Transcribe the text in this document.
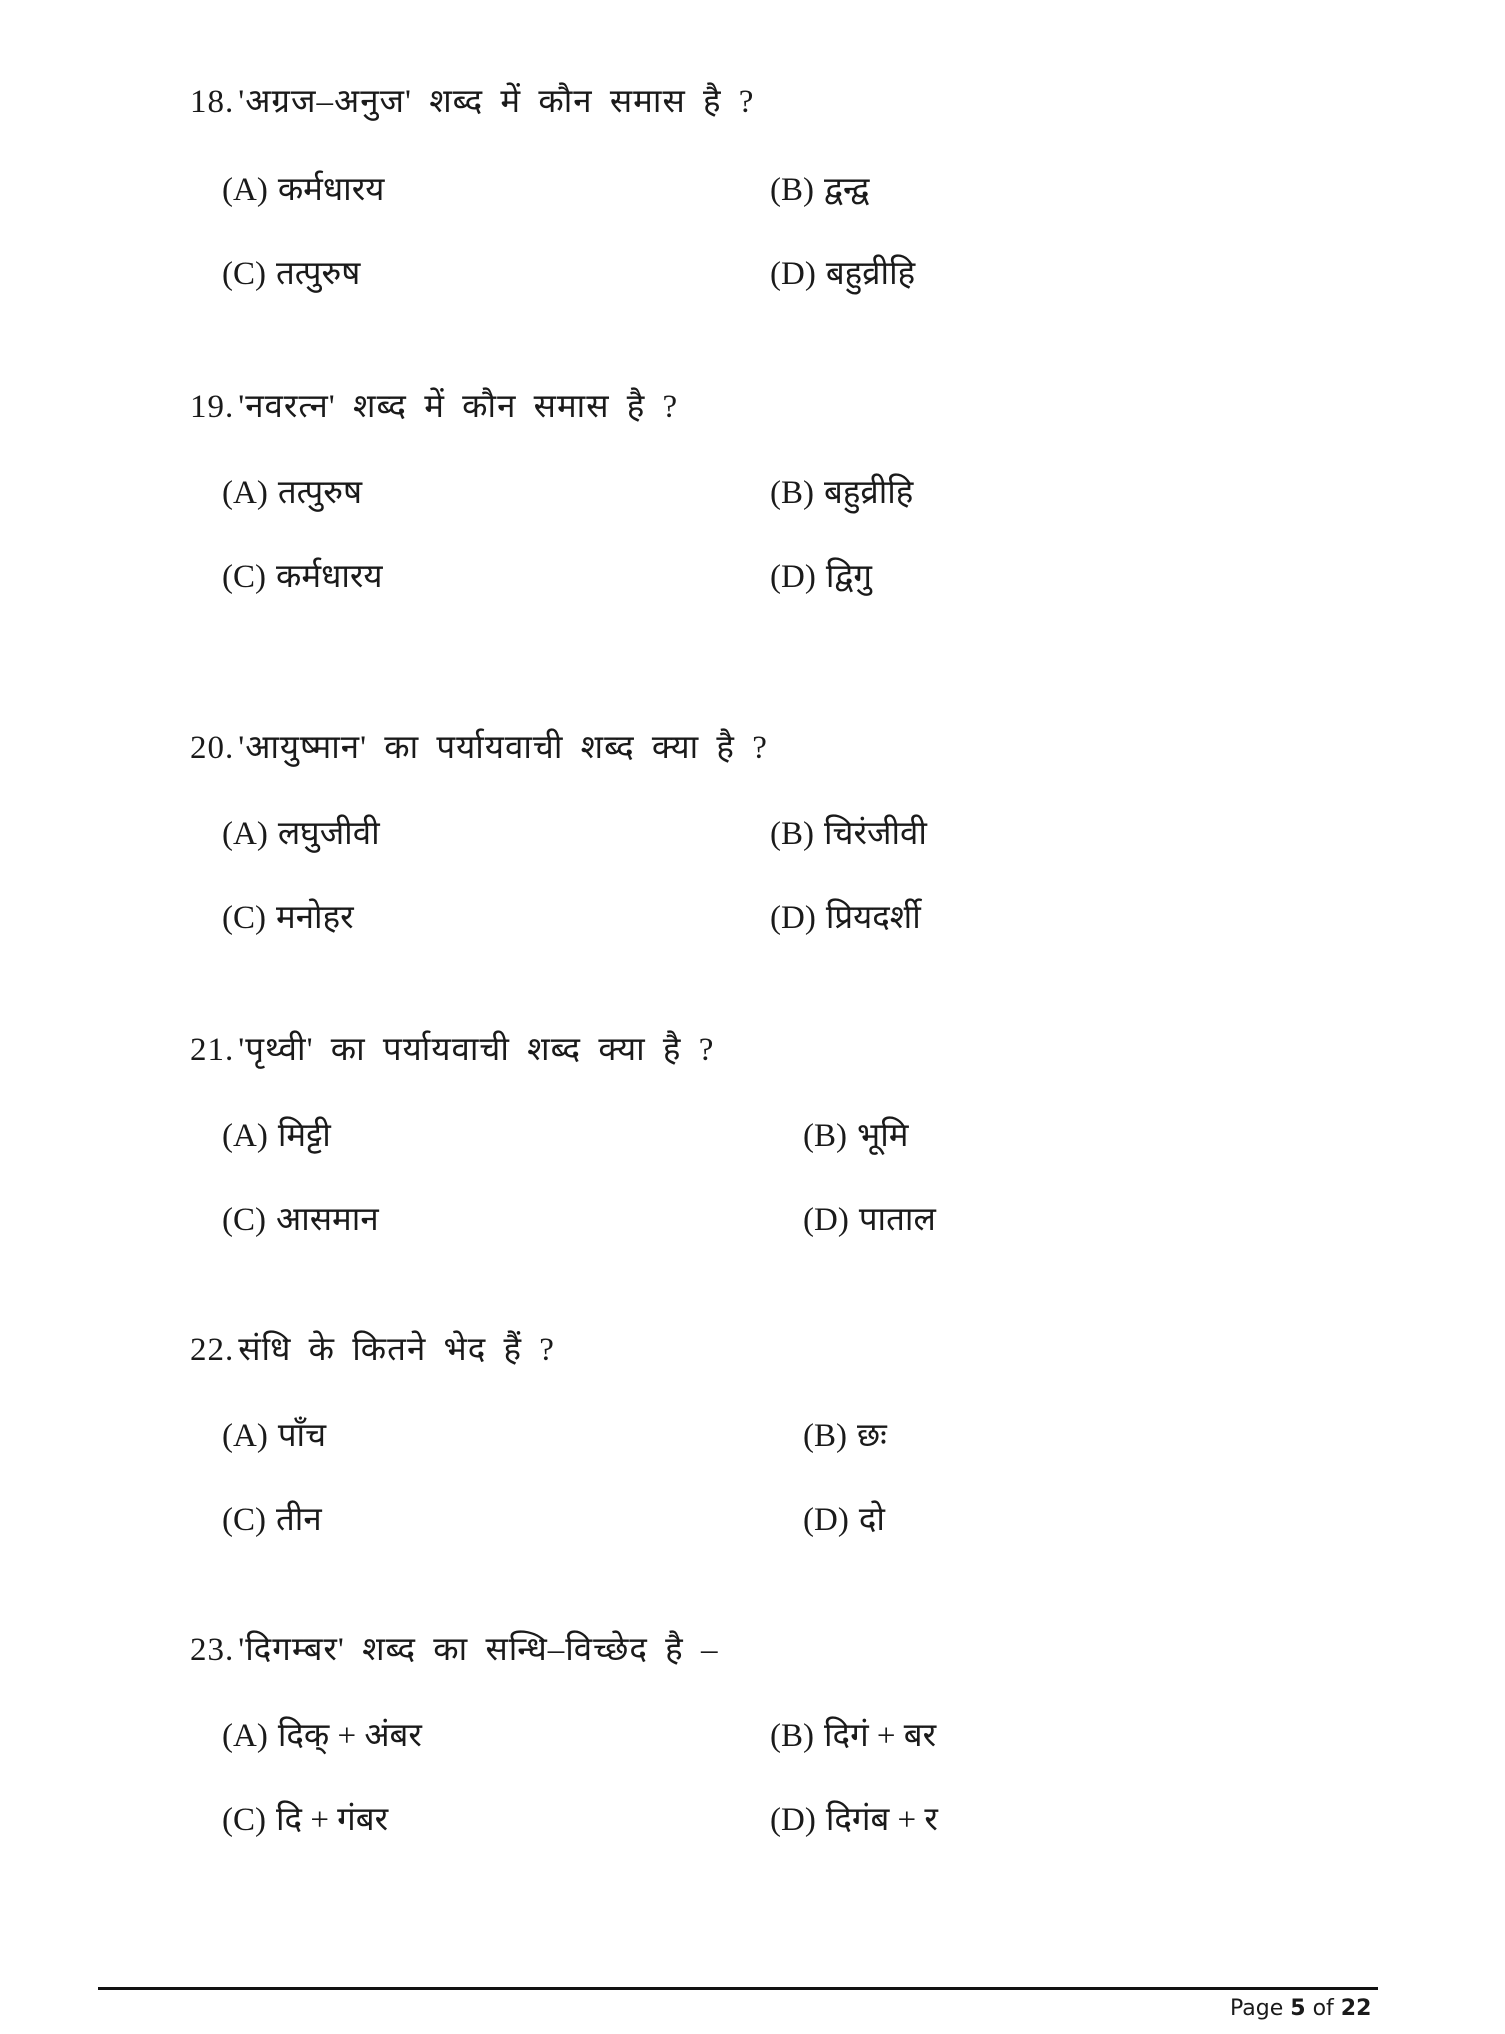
18. 'अग्रज–अनुज' शब्द में कौन समास है ?
(A) कर्मधारय	(B) द्वन्द्व
(C) तत्पुरुष	(D) बहुव्रीहि
19. 'नवरत्न' शब्द में कौन समास है ?
(A) तत्पुरुष	(B) बहुव्रीहि
(C) कर्मधारय	(D) द्विगु
20. 'आयुष्मान' का पर्यायवाची शब्द क्या है ?
(A) लघुजीवी	(B) चिरंजीवी
(C) मनोहर	(D) प्रियदर्शी
21. 'पृथ्वी' का पर्यायवाची शब्द क्या है ?
(A) मिट्टी	(B) भूमि
(C) आसमान	(D) पाताल
22. संधि के कितने भेद हैं ?
(A) पाँच	(B) छः
(C) तीन	(D) दो
23. 'दिगम्बर' शब्द का सन्धि–विच्छेद है –
(A) दिक् + अंबर	(B) दिगं + बर
(C) दि + गंबर	(D) दिगंब + र
Page 5 of 22
